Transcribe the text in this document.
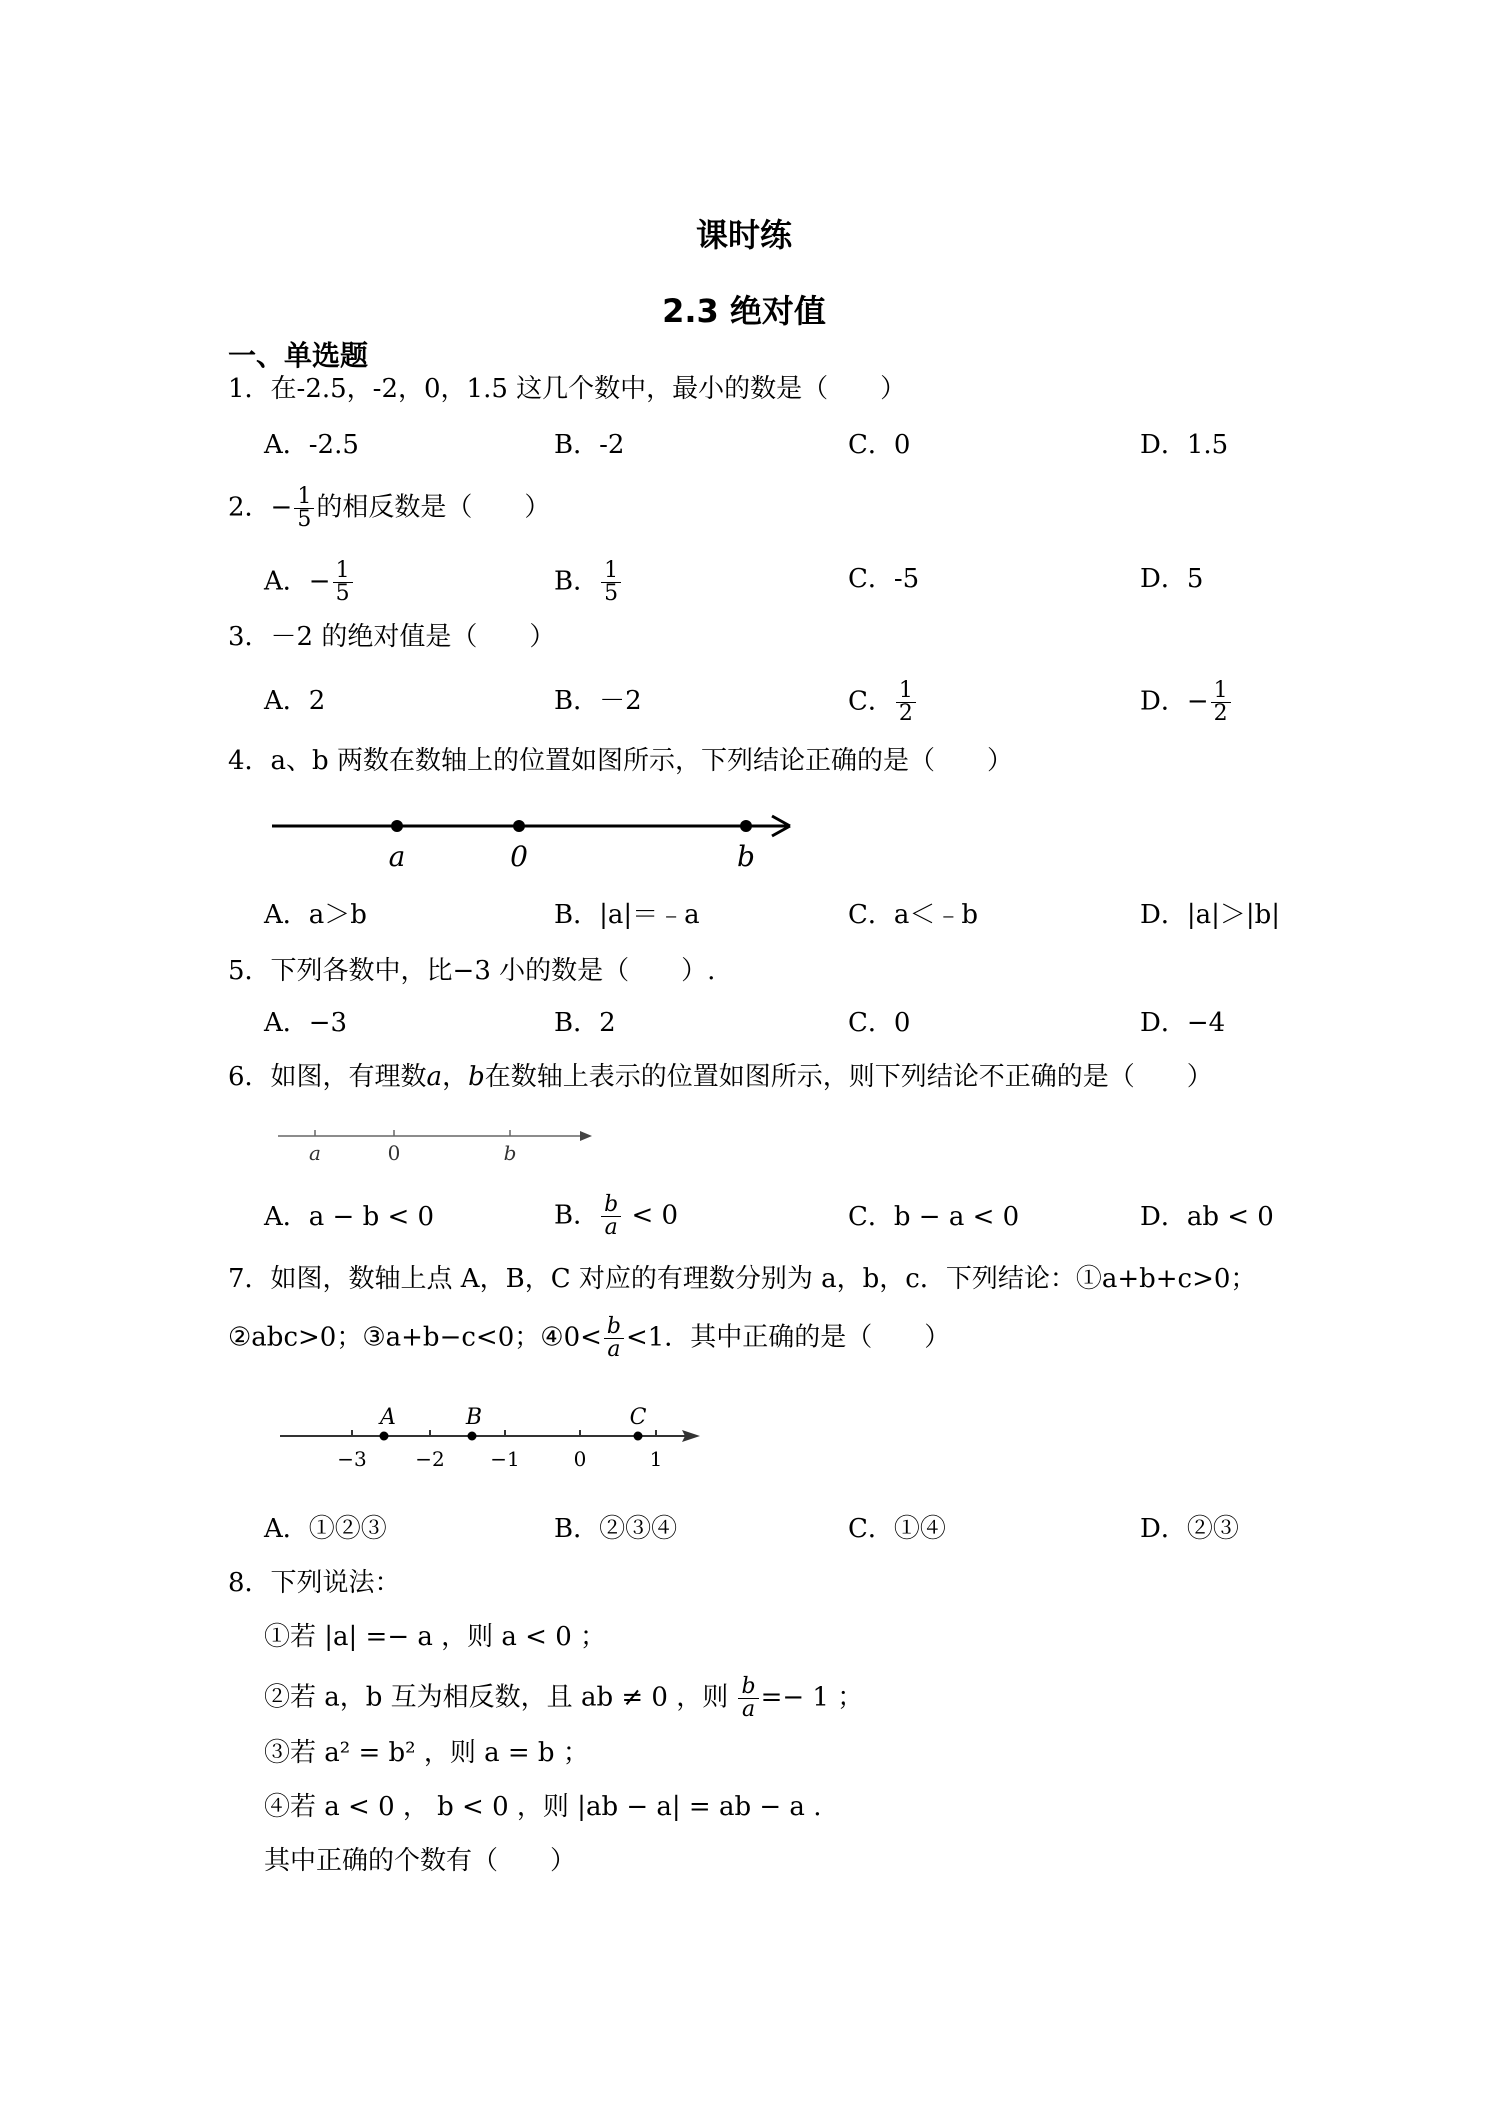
课时练
2.3 绝对值
一、单选题
1．在-2.5，-2，0，1.5 这几个数中，最小的数是（　　）
A．-2.5	B．-2	C．0	D．1.5
2．− $\frac{1}{5}$ 的相反数是（　　）
A．− $\frac{1}{5}$	B． $\frac{1}{5}$	C．-5	D．5
3．－2 的绝对值是（　　）
A．2	B．－2	C． $\frac{1}{2}$	D．− $\frac{1}{2}$
4．a、b 两数在数轴上的位置如图所示，下列结论正确的是（　　）
a	0	b
A．a＞b	B．|a|＝﹣a	C．a＜﹣b	D．|a|＞|b|
5．下列各数中，比−3 小的数是（　　）.
A．−3	B．2	C．0	D．−4
6．如图，有理数a，b在数轴上表示的位置如图所示，则下列结论不正确的是（　　）
a	0	b
A．a − b < 0	B． $\frac{b}{a} < 0$	C．b − a < 0	D．ab < 0
7．如图，数轴上点 A，B，C 对应的有理数分别为 a，b，c．下列结论：①a+b+c>0；
②abc>0；③a+b−c<0；④0< $\frac{b}{a} <1$．其中正确的是（　　）
A	B	C
−3 −2 −1	0	1
A．①②③	B．②③④	C．①④	D．②③
8．下列说法：
①若 |a| =− a ，则 a < 0 ；
②若 a，b 互为相反数，且 ab ≠ 0 ，则 $\frac{b}{a} =- 1$ ；
③若 a² = b² ，则 a = b ；
④若 a < 0 ， b < 0 ，则 |ab − a| = ab − a .
其中正确的个数有（　　）
